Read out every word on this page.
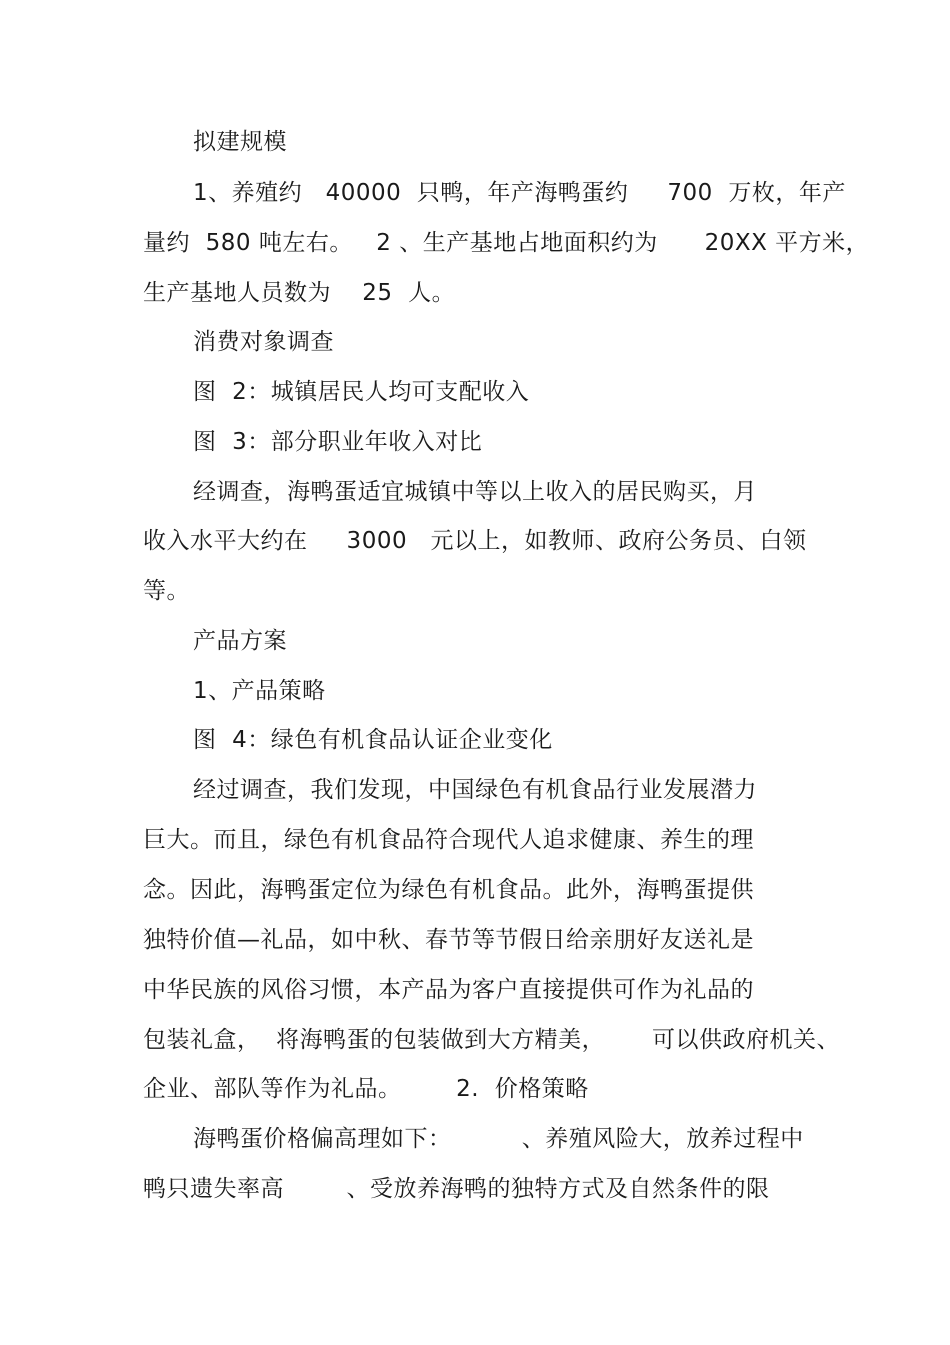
拟建规模
1、养殖约   40000  只鸭，年产海鸭蛋约     700  万枚，年产
量约  580 吨左右。   2 、生产基地占地面积约为      20XX 平方米，
生产基地人员数为    25  人。
消费对象调查
图  2：城镇居民人均可支配收入
图  3：部分职业年收入对比
经调查，海鸭蛋适宜城镇中等以上收入的居民购买，月
收入水平大约在     3000   元以上，如教师、政府公务员、白领
等。
产品方案
1、产品策略
图  4：绿色有机食品认证企业变化
经过调查，我们发现，中国绿色有机食品行业发展潜力
巨大。而且，绿色有机食品符合现代人追求健康、养生的理
念。因此，海鸭蛋定位为绿色有机食品。此外，海鸭蛋提供
独特价值—礼品，如中秋、春节等节假日给亲朋好友送礼是
中华民族的风俗习惯，本产品为客户直接提供可作为礼品的
包装礼盒，  将海鸭蛋的包装做到大方精美，      可以供政府机关、
企业、部队等作为礼品。       2.  价格策略
海鸭蛋价格偏高理如下：         、养殖风险大，放养过程中
鸭只遗失率高        、受放养海鸭的独特方式及自然条件的限
